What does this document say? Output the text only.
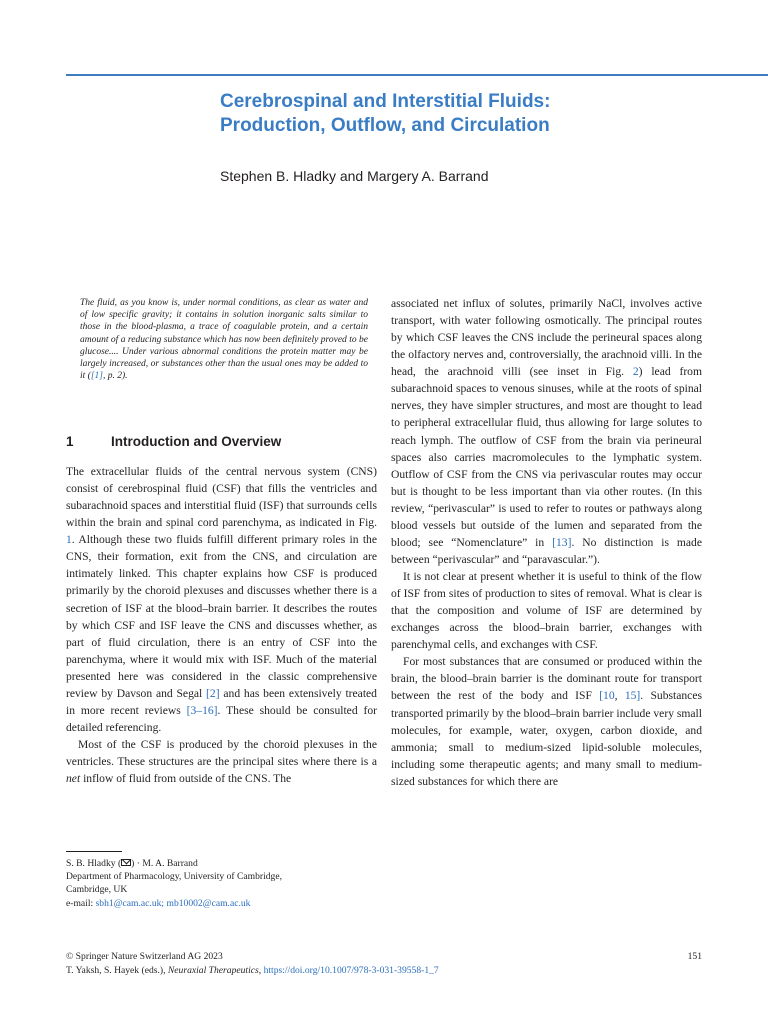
Cerebrospinal and Interstitial Fluids:
Production, Outflow, and Circulation

Stephen B. Hladky and Margery A. Barrand

The fluid, as you know is, under normal conditions, as clear as water and of low specific gravity; it contains in solution inorganic salts similar to those in the blood-plasma, a trace of coagulable protein, and a certain amount of a reducing substance which has now been definitely proved to be glucose.... Under various abnormal conditions the protein matter may be largely increased, or substances other than the usual ones may be added to it ([1], p. 2).

1	Introduction and Overview

The extracellular fluids of the central nervous system (CNS) consist of cerebrospinal fluid (CSF) that fills the ventricles and subarachnoid spaces and interstitial fluid (ISF) that surrounds cells within the brain and spinal cord parenchyma, as indicated in Fig. 1. Although these two fluids fulfill different primary roles in the CNS, their formation, exit from the CNS, and circulation are intimately linked. This chapter explains how CSF is produced primarily by the choroid plexuses and discusses whether there is a secretion of ISF at the blood–brain barrier. It describes the routes by which CSF and ISF leave the CNS and discusses whether, as part of fluid circulation, there is an entry of CSF into the parenchyma, where it would mix with ISF. Much of the material presented here was considered in the classic comprehensive review by Davson and Segal [2] and has been extensively treated in more recent reviews [3–16]. These should be consulted for detailed referencing.

Most of the CSF is produced by the choroid plexuses in the ventricles. These structures are the principal sites where there is a net inflow of fluid from outside of the CNS. The

associated net influx of solutes, primarily NaCl, involves active transport, with water following osmotically. The principal routes by which CSF leaves the CNS include the perineural spaces along the olfactory nerves and, controversially, the arachnoid villi. In the head, the arachnoid villi (see inset in Fig. 2) lead from subarachnoid spaces to venous sinuses, while at the roots of spinal nerves, they have simpler structures, and most are thought to lead to peripheral extracellular fluid, thus allowing for large solutes to reach lymph. The outflow of CSF from the brain via perineural spaces also carries macromolecules to the lymphatic system. Outflow of CSF from the CNS via perivascular routes may occur but is thought to be less important than via other routes. (In this review, “perivascular” is used to refer to routes or pathways along blood vessels but outside of the lumen and separated from the blood; see “Nomenclature” in [13]. No distinction is made between “perivascular” and “paravascular.”).

It is not clear at present whether it is useful to think of the flow of ISF from sites of production to sites of removal. What is clear is that the composition and volume of ISF are determined by exchanges across the blood–brain barrier, exchanges with parenchymal cells, and exchanges with CSF.

For most substances that are consumed or produced within the brain, the blood–brain barrier is the dominant route for transport between the rest of the body and ISF [10, 15]. Substances transported primarily by the blood–brain barrier include very small molecules, for example, water, oxygen, carbon dioxide, and ammonia; small to medium-sized lipid-soluble molecules, including some therapeutic agents; and many small to medium-sized substances for which there are

S. B. Hladky ( ) · M. A. Barrand
Department of Pharmacology, University of Cambridge,
Cambridge, UK
e-mail: sbh1@cam.ac.uk; mb10002@cam.ac.uk
© Springer Nature Switzerland AG 2023
T. Yaksh, S. Hayek (eds.), Neuraxial Therapeutics, https://doi.org/10.1007/978-3-031-39558-1_7
151
